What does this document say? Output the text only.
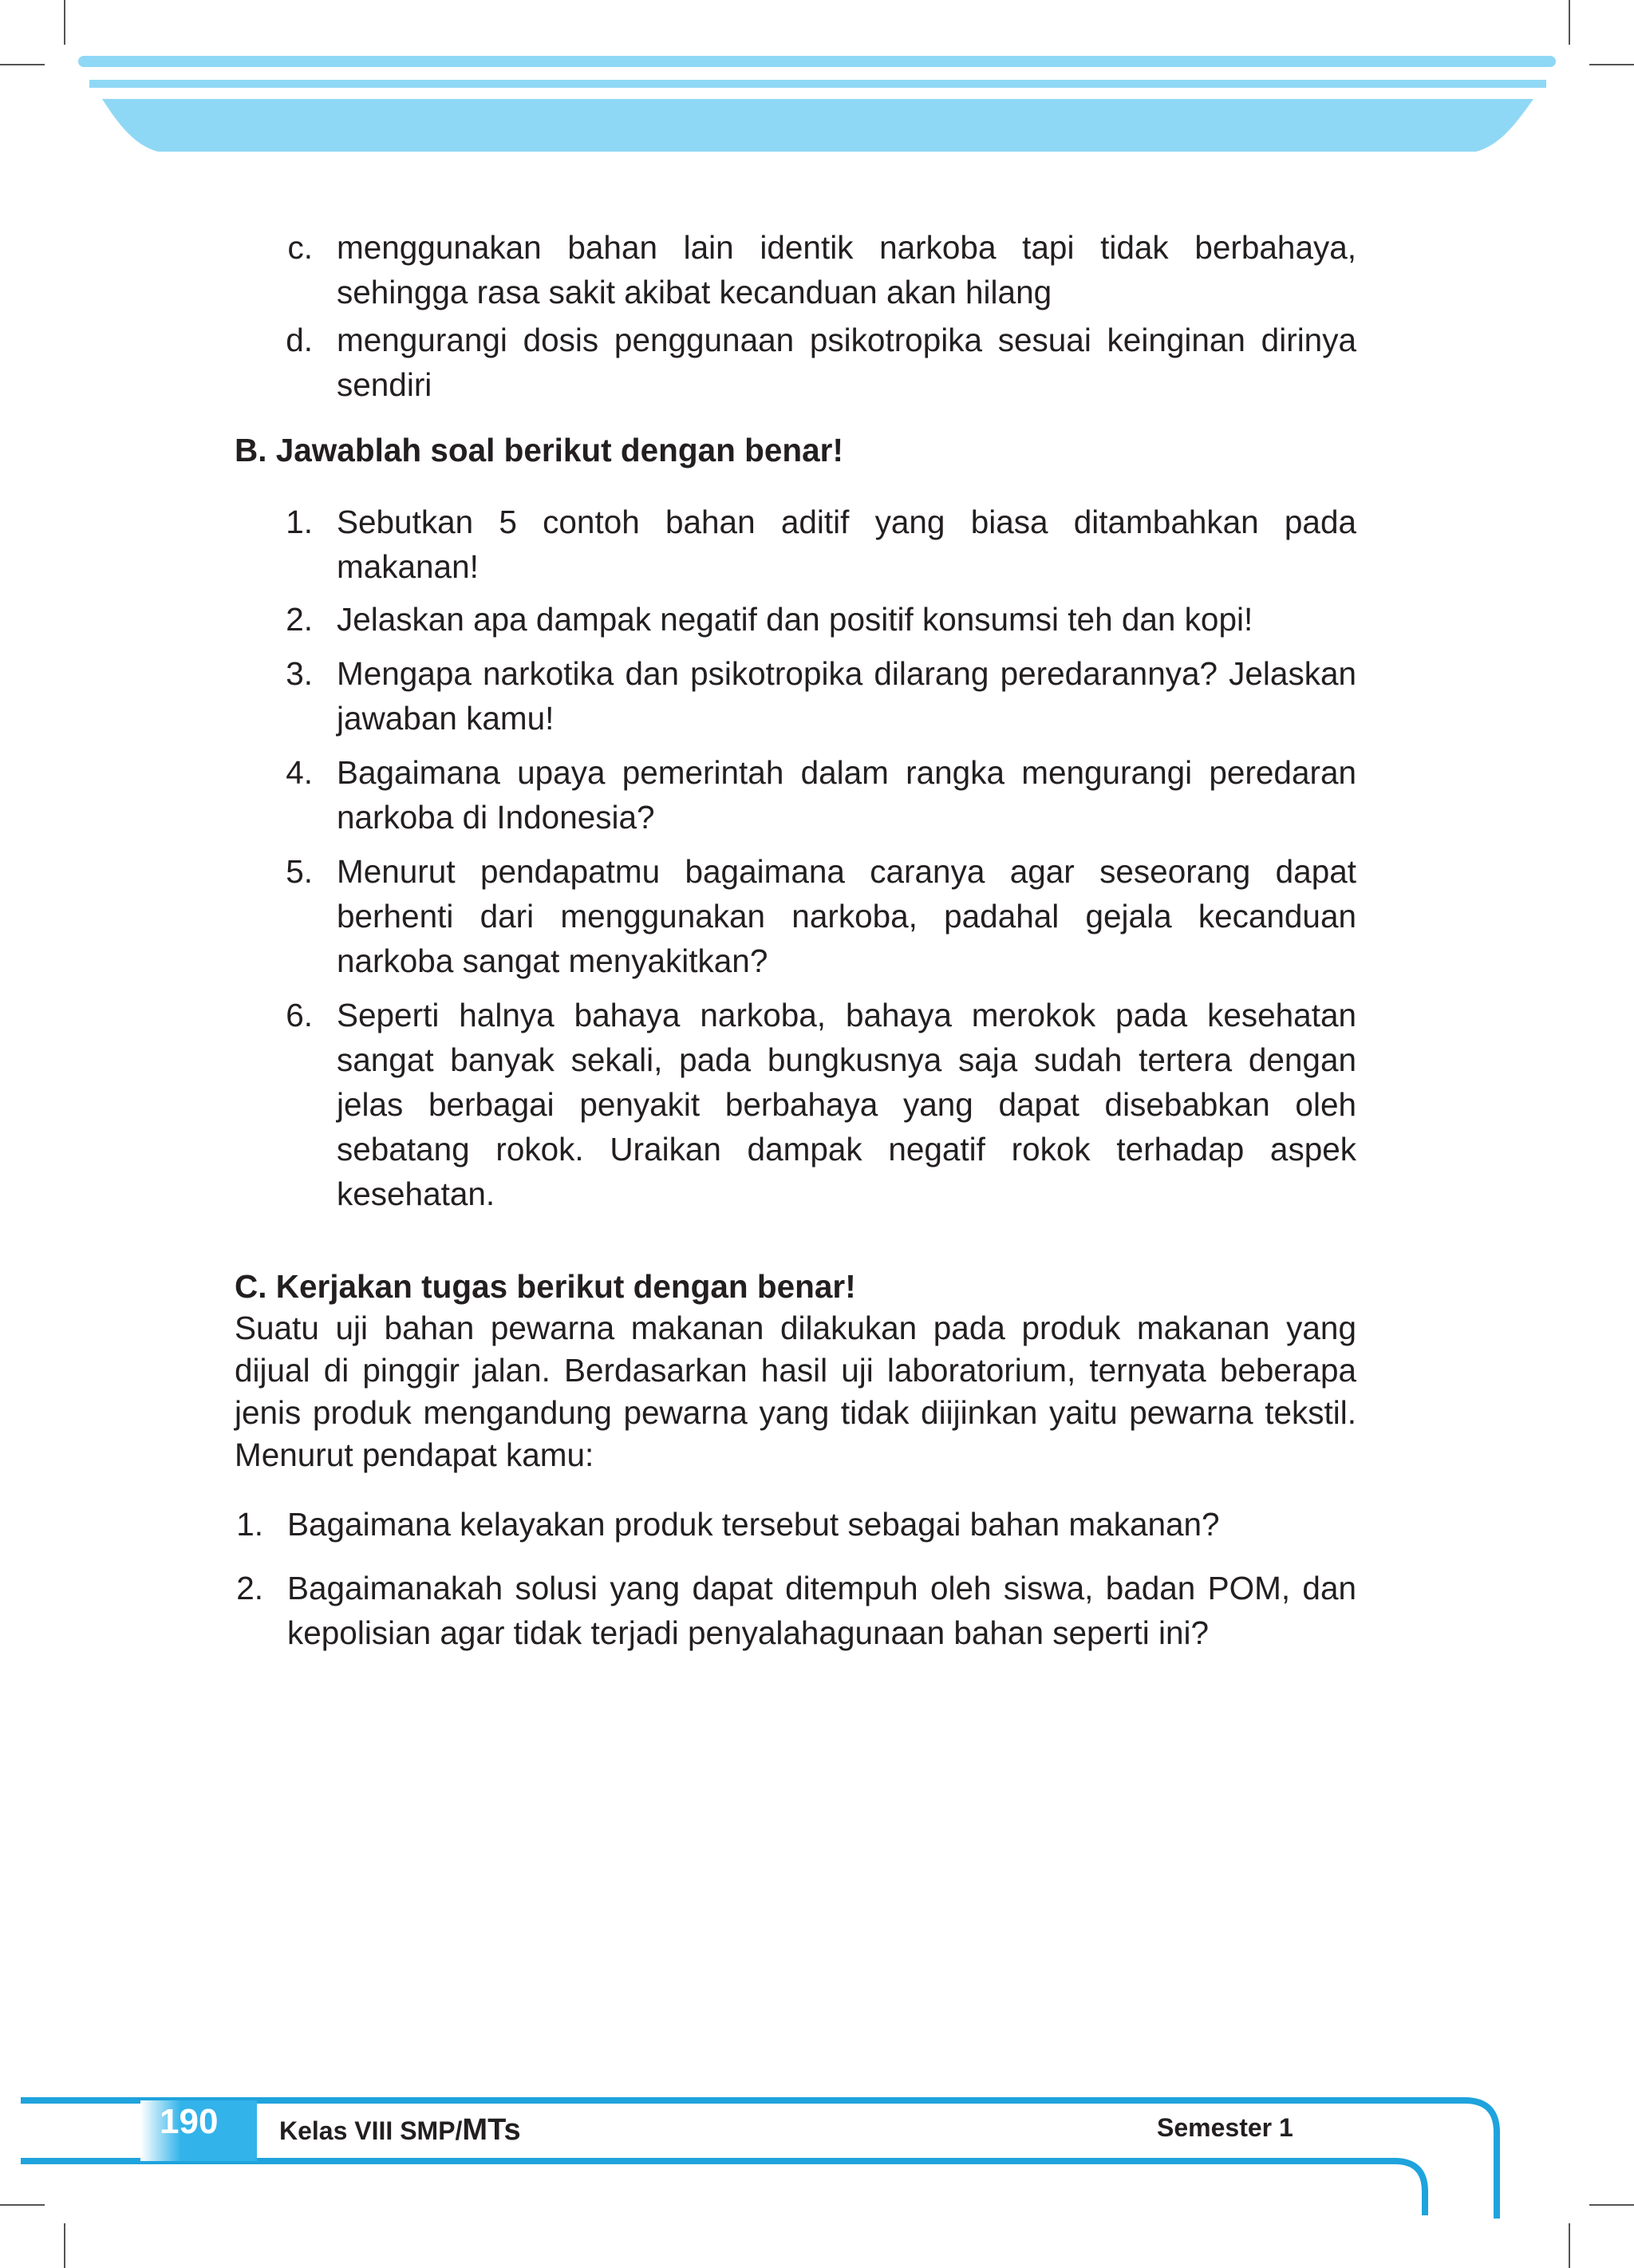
c. menggunakan bahan lain identik narkoba tapi tidak berbahaya, sehingga rasa sakit akibat kecanduan akan hilang
d. mengurangi dosis penggunaan psikotropika sesuai keinginan dirinya sendiri
B. Jawablah soal berikut dengan benar!
1. Sebutkan 5 contoh bahan aditif yang biasa ditambahkan pada makanan!
2. Jelaskan apa dampak negatif dan positif konsumsi teh dan kopi!
3. Mengapa narkotika dan psikotropika dilarang peredarannya? Jelaskan jawaban kamu!
4. Bagaimana upaya pemerintah dalam rangka mengurangi peredaran narkoba di Indonesia?
5. Menurut pendapatmu bagaimana caranya agar seseorang dapat berhenti dari menggunakan narkoba, padahal gejala kecanduan narkoba sangat menyakitkan?
6. Seperti halnya bahaya narkoba, bahaya merokok pada kesehatan sangat banyak sekali, pada bungkusnya saja sudah tertera dengan jelas berbagai penyakit berbahaya yang dapat disebabkan oleh sebatang rokok. Uraikan dampak negatif rokok terhadap aspek kesehatan.
C. Kerjakan tugas berikut dengan benar!
Suatu uji bahan pewarna makanan dilakukan pada produk makanan yang dijual di pinggir jalan. Berdasarkan hasil uji laboratorium, ternyata beberapa jenis produk mengandung pewarna yang tidak diijinkan yaitu pewarna tekstil. Menurut pendapat kamu:
1. Bagaimana kelayakan produk tersebut sebagai bahan makanan?
2. Bagaimanakah solusi yang dapat ditempuh oleh siswa, badan POM, dan kepolisian agar tidak terjadi penyalahagunaan bahan seperti ini?
190 Kelas VIII SMP/MTs	Semester 1
